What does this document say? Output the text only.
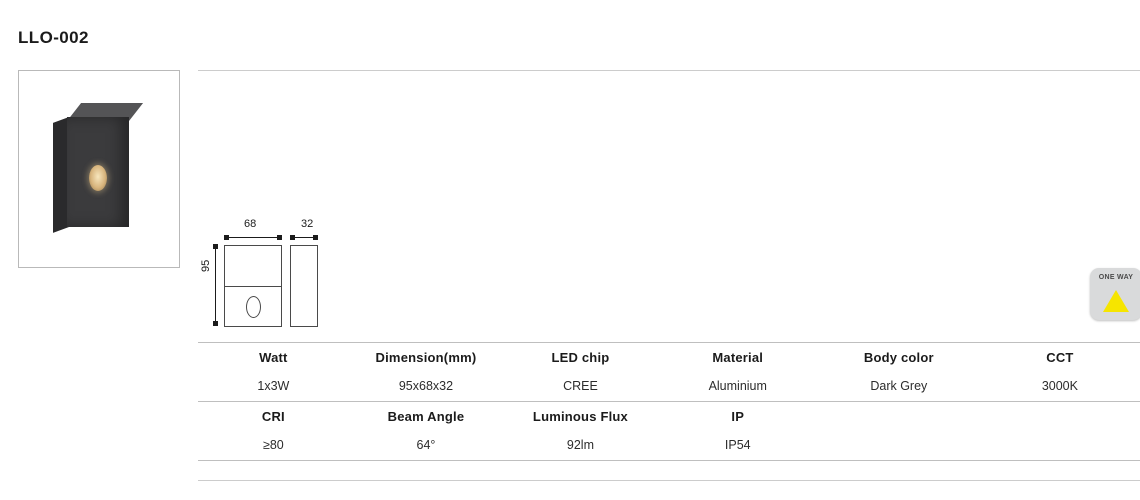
LLO-002
68	32
95
ONE WAY
Watt	Dimension(mm)	LED chip	Material	Body color	CCT
1x3W	95x68x32	CREE	Aluminium	Dark Grey	3000K
CRI	Beam Angle	Luminous Flux	IP		
≥80	64°	92lm	IP54		
